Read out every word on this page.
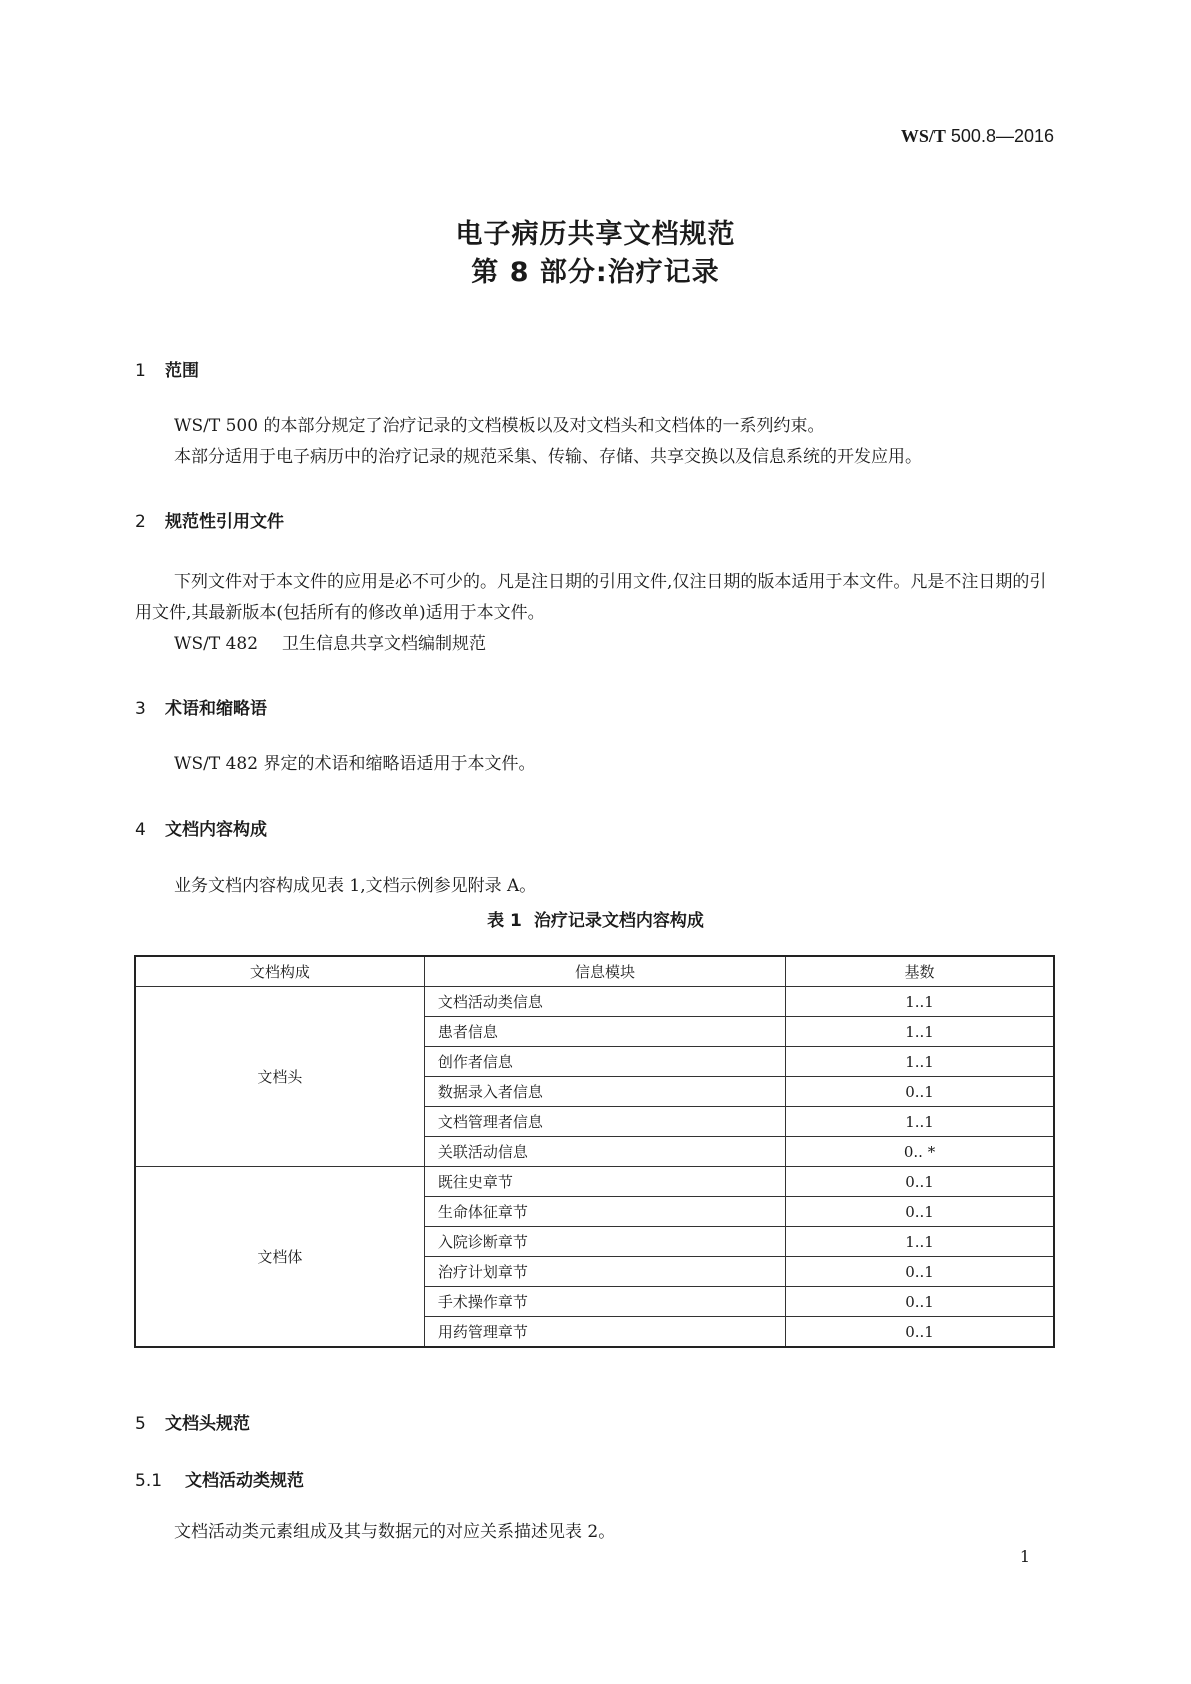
WS/T 500.8—2016
电子病历共享文档规范
第 8 部分:治疗记录
1 范围
WS/T 500 的本部分规定了治疗记录的文档模板以及对文档头和文档体的一系列约束。
本部分适用于电子病历中的治疗记录的规范采集、传输、存储、共享交换以及信息系统的开发应用。
2 规范性引用文件
下列文件对于本文件的应用是必不可少的。凡是注日期的引用文件,仅注日期的版本适用于本文件。凡是不注日期的引用文件,其最新版本(包括所有的修改单)适用于本文件。
WS/T 482 卫生信息共享文档编制规范
3 术语和缩略语
WS/T 482 界定的术语和缩略语适用于本文件。
4 文档内容构成
业务文档内容构成见表 1,文档示例参见附录 A。
表 1 治疗记录文档内容构成
文档构成	信息模块	基数
文档头	文档活动类信息	1..1
	患者信息	1..1
	创作者信息	1..1
	数据录入者信息	0..1
	文档管理者信息	1..1
	关联活动信息	0.. *
文档体	既往史章节	0..1
	生命体征章节	0..1
	入院诊断章节	1..1
	治疗计划章节	0..1
	手术操作章节	0..1
	用药管理章节	0..1
5 文档头规范
5.1 文档活动类规范
文档活动类元素组成及其与数据元的对应关系描述见表 2。
1
